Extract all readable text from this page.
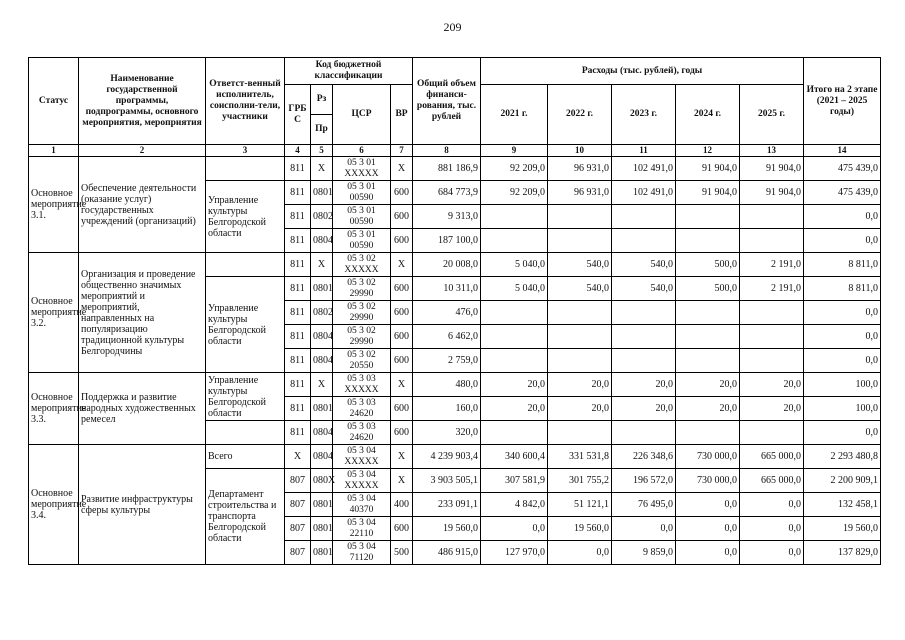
209
Статус	Наименование государственной программы, подпрограммы, основного мероприятия, мероприятия	Ответст-венный исполнитель, соисполни-тели, участники	Код бюджетной классификации				Общий объем финанси-рования, тыс. рублей	Расходы (тыс. рублей), годы					Итого на 2 этапе (2021 – 2025 годы)
			ГРБ С	Рз	ЦСР	ВР		2021 г.	2022 г.	2023 г.	2024 г.	2025 г.	
				Пр									
1	2	3	4	5	6	7	8	9	10	11	12	13	14
Основное мероприятие 3.1.	Обеспечение деятельности (оказание услуг) государственных учреждений (организаций)		811	X	05 3 01 XXXXX	X	881 186,9	92 209,0	96 931,0	102 491,0	91 904,0	91 904,0	475 439,0
		Управление культуры Белгородской области	811	0801	05 3 01 00590	600	684 773,9	92 209,0	96 931,0	102 491,0	91 904,0	91 904,0	475 439,0
			811	0802	05 3 01 00590	600	9 313,0						0,0
			811	0804	05 3 01 00590	600	187 100,0						0,0
Основное мероприятие 3.2.	Организация и проведение общественно значимых мероприятий и мероприятий, направленных на популяризацию традиционной культуры Белгородчины		811	X	05 3 02 XXXXX	X	20 008,0	5 040,0	540,0	540,0	500,0	2 191,0	8 811,0
		Управление культуры Белгородской области	811	0801	05 3 02 29990	600	10 311,0	5 040,0	540,0	540,0	500,0	2 191,0	8 811,0
			811	0802	05 3 02 29990	600	476,0						0,0
			811	0804	05 3 02 29990	600	6 462,0						0,0
			811	0804	05 3 02 20550	600	2 759,0						0,0
Основное мероприятие 3.3.	Поддержка и развитие народных художественных ремесел	Управление культуры Белгородской области	811	X	05 3 03 XXXXX	X	480,0	20,0	20,0	20,0	20,0	20,0	100,0
			811	0801	05 3 03 24620	600	160,0	20,0	20,0	20,0	20,0	20,0	100,0
			811	0804	05 3 03 24620	600	320,0						0,0
Основное мероприятие 3.4.	Развитие инфраструктуры сферы культуры	Всего	X	0804	05 3 04 XXXXX	X	4 239 903,4	340 600,4	331 531,8	226 348,6	730 000,0	665 000,0	2 293 480,8
		Департамент строительства и транспорта Белгородской области	807	080X	05 3 04 XXXXX	X	3 903 505,1	307 581,9	301 755,2	196 572,0	730 000,0	665 000,0	2 200 909,1
			807	0801	05 3 04 40370	400	233 091,1	4 842,0	51 121,1	76 495,0	0,0	0,0	132 458,1
			807	0801	05 3 04 22110	600	19 560,0	0,0	19 560,0	0,0	0,0	0,0	19 560,0
			807	0801	05 3 04 71120	500	486 915,0	127 970,0	0,0	9 859,0	0,0	0,0	137 829,0
